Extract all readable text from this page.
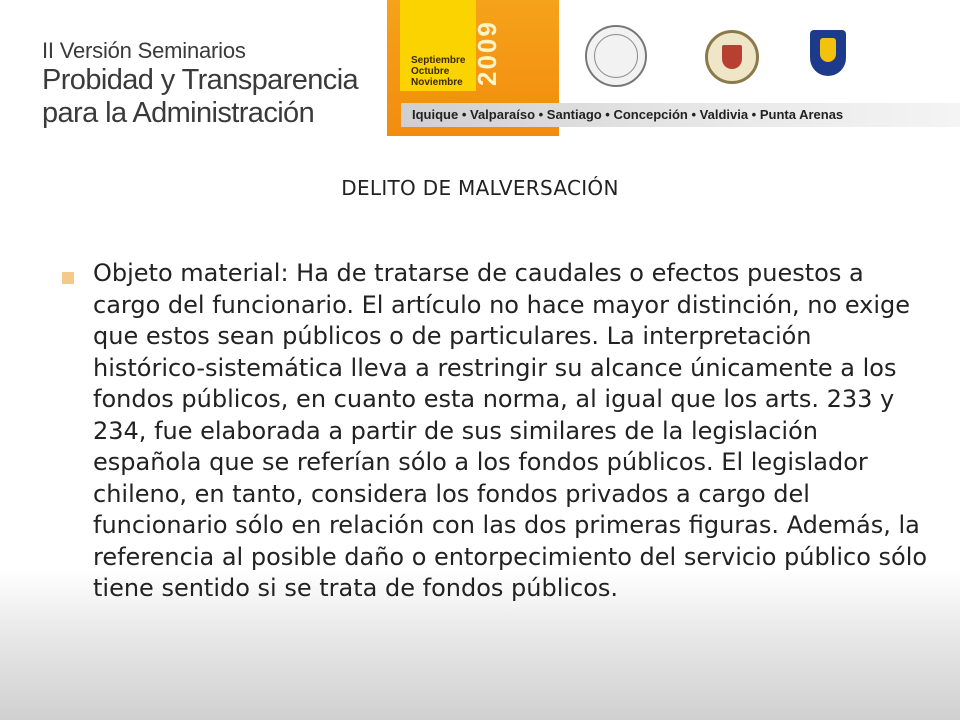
II Versión Seminarios
Probidad y Transparencia
para la Administración
Septiembre
Octubre
Noviembre 2009
Iquique • Valparaíso • Santiago • Concepción • Valdivia • Punta Arenas
DELITO DE MALVERSACIÓN
Objeto material: Ha de tratarse de caudales o efectos puestos a cargo del funcionario. El artículo no hace mayor distinción, no exige que estos sean públicos o de particulares. La interpretación histórico-sistemática lleva a restringir su alcance únicamente a los fondos públicos, en cuanto esta norma, al igual que los arts. 233 y 234, fue elaborada a partir de sus similares de la legislación española que se referían sólo a los fondos públicos. El legislador chileno, en tanto, considera los fondos privados a cargo del funcionario sólo en relación con las dos primeras figuras. Además, la referencia al posible daño o entorpecimiento del servicio público sólo tiene sentido si se trata de fondos públicos.
